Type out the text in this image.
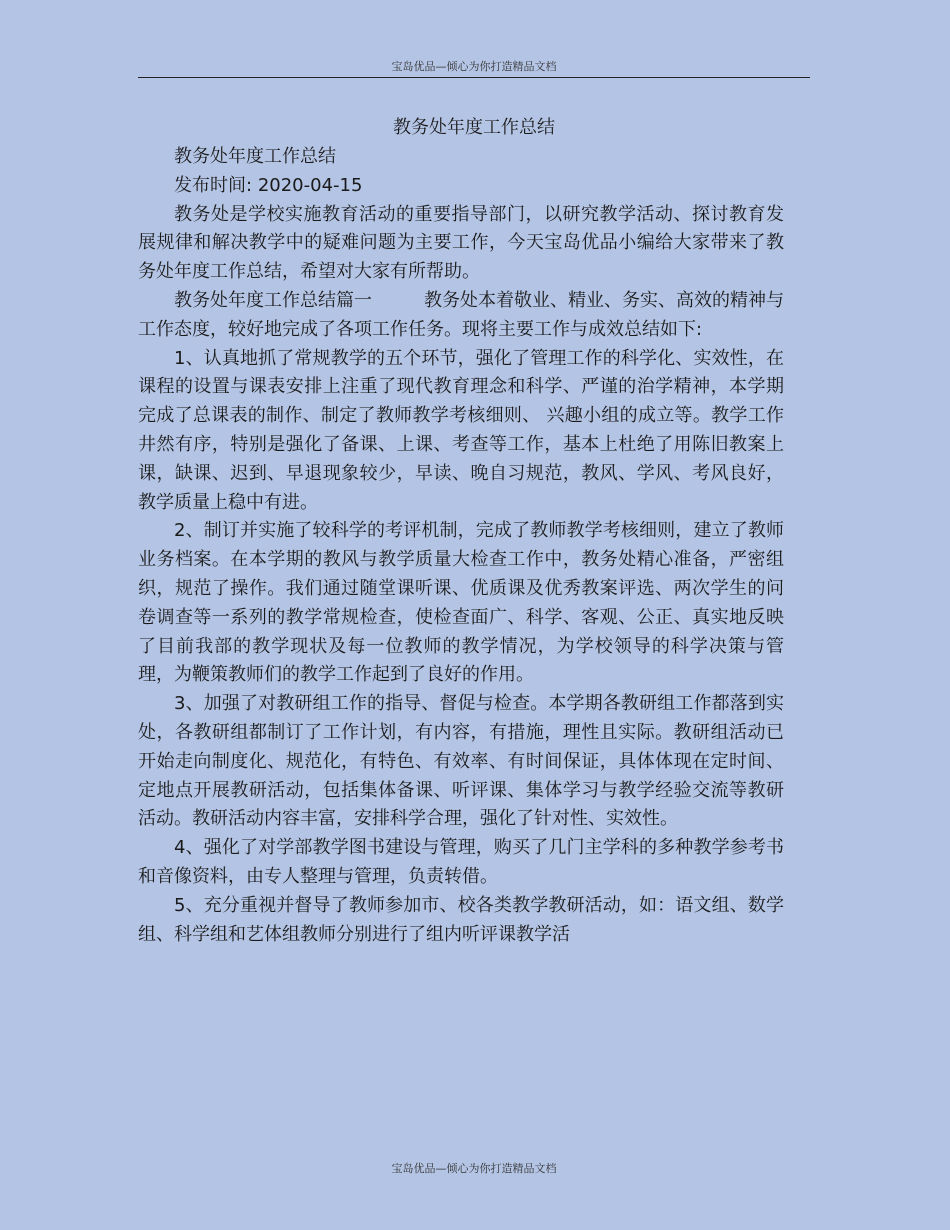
宝岛优品—倾心为你打造精品文档
教务处年度工作总结

教务处年度工作总结

发布时间: 2020-04-15

教务处是学校实施教育活动的重要指导部门，以研究教学活动、探讨教育发展规律和解决教学中的疑难问题为主要工作，今天宝岛优品小编给大家带来了教务处年度工作总结，希望对大家有所帮助。

教务处年度工作总结篇一	教务处本着敬业、精业、务实、高效的精神与工作态度，较好地完成了各项工作任务。现将主要工作与成效总结如下:

1、认真地抓了常规教学的五个环节，强化了管理工作的科学化、实效性，在课程的设置与课表安排上注重了现代教育理念和科学、严谨的治学精神，本学期完成了总课表的制作、制定了教师教学考核细则、 兴趣小组的成立等。教学工作井然有序，特别是强化了备课、上课、考查等工作，基本上杜绝了用陈旧教案上课，缺课、迟到、早退现象较少，早读、晚自习规范，教风、学风、考风良好，教学质量上稳中有进。

2、制订并实施了较科学的考评机制，完成了教师教学考核细则，建立了教师业务档案。在本学期的教风与教学质量大检查工作中，教务处精心准备，严密组织，规范了操作。我们通过随堂课听课、优质课及优秀教案评选、两次学生的问卷调查等一系列的教学常规检查，使检查面广、科学、客观、公正、真实地反映了目前我部的教学现状及每一位教师的教学情况，为学校领导的科学决策与管理，为鞭策教师们的教学工作起到了良好的作用。

3、加强了对教研组工作的指导、督促与检查。本学期各教研组工作都落到实处，各教研组都制订了工作计划，有内容，有措施，理性且实际。教研组活动已开始走向制度化、规范化，有特色、有效率、有时间保证，具体体现在定时间、定地点开展教研活动，包括集体备课、听评课、集体学习与教学经验交流等教研活动。教研活动内容丰富，安排科学合理，强化了针对性、实效性。

4、强化了对学部教学图书建设与管理，购买了几门主学科的多种教学参考书和音像资料，由专人整理与管理，负责转借。

5、充分重视并督导了教师参加市、校各类教学教研活动，如：语文组、数学组、科学组和艺体组教师分别进行了组内听评课教学活

宝岛优品—倾心为你打造精品文档
